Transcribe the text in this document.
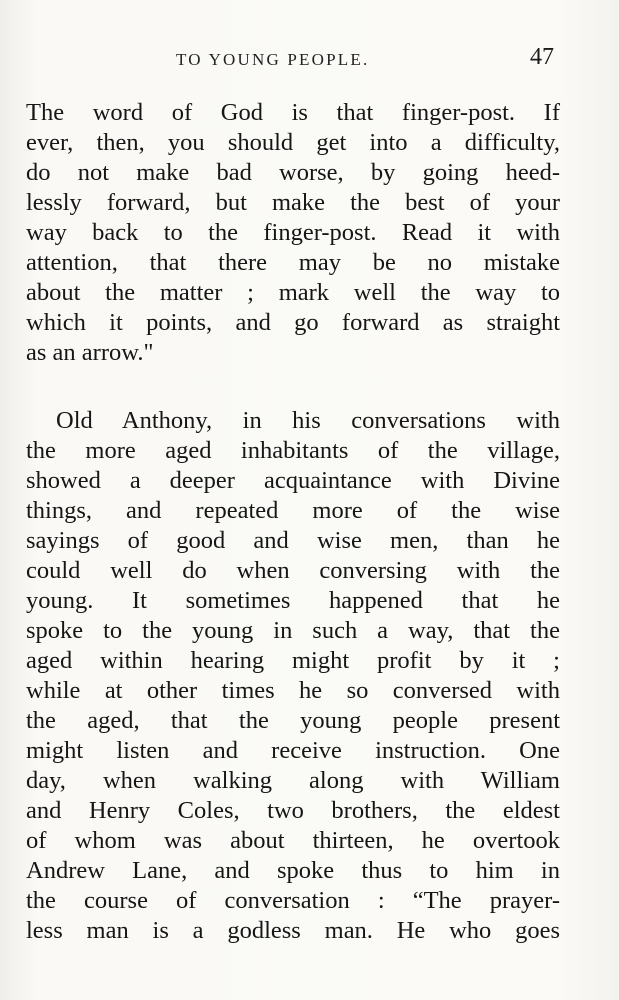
TO YOUNG PEOPLE.	47
The word of God is that finger-post. If
ever, then, you should get into a difficulty,
do not make bad worse, by going heed-
lessly forward, but make the best of your
way back to the finger-post. Read it with
attention, that there may be no mistake
about the matter ; mark well the way to
which it points, and go forward as straight
as an arrow."
Old Anthony, in his conversations with
the more aged inhabitants of the village,
showed a deeper acquaintance with Divine
things, and repeated more of the wise
sayings of good and wise men, than he
could well do when conversing with the
young. It sometimes happened that he
spoke to the young in such a way, that the
aged within hearing might profit by it ;
while at other times he so conversed with
the aged, that the young people present
might listen and receive instruction. One
day, when walking along with William
and Henry Coles, two brothers, the eldest
of whom was about thirteen, he overtook
Andrew Lane, and spoke thus to him in
the course of conversation : “The prayer-
less man is a godless man. He who goes
